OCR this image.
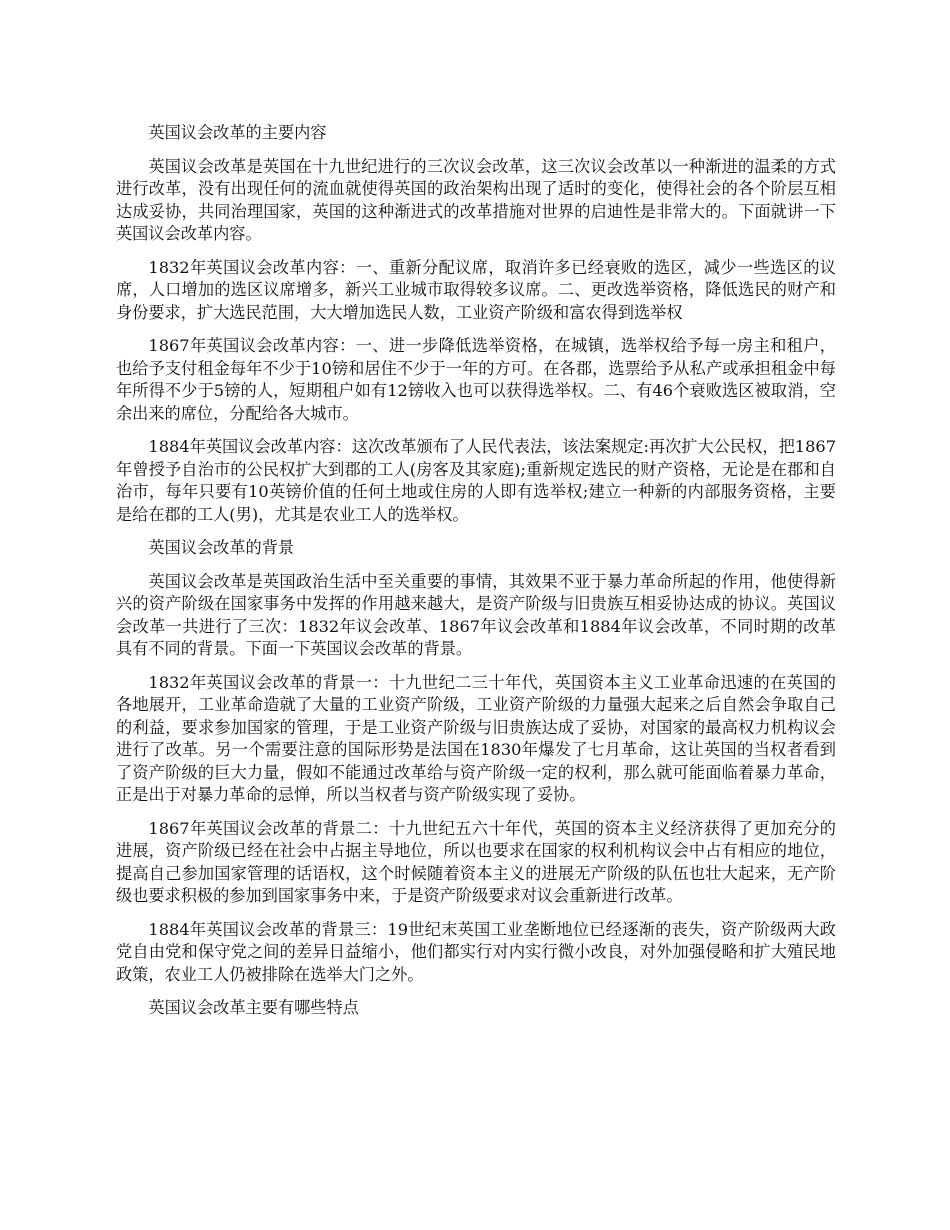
英国议会改革的主要内容

英国议会改革是英国在十九世纪进行的三次议会改革，这三次议会改革以一种渐进的温柔的方式进行改革，没有出现任何的流血就使得英国的政治架构出现了适时的变化，使得社会的各个阶层互相达成妥协，共同治理国家，英国的这种渐进式的改革措施对世界的启迪性是非常大的。下面就讲一下英国议会改革内容。

1832年英国议会改革内容：一、重新分配议席，取消许多已经衰败的选区，减少一些选区的议席，人口增加的选区议席增多，新兴工业城市取得较多议席。二、更改选举资格，降低选民的财产和身份要求，扩大选民范围，大大增加选民人数，工业资产阶级和富农得到选举权

1867年英国议会改革内容：一、进一步降低选举资格，在城镇，选举权给予每一房主和租户，也给予支付租金每年不少于10镑和居住不少于一年的方可。在各郡，选票给予从私产或承担租金中每年所得不少于5镑的人，短期租户如有12镑收入也可以获得选举权。二、有46个衰败选区被取消，空余出来的席位，分配给各大城市。

1884年英国议会改革内容：这次改革颁布了人民代表法，该法案规定:再次扩大公民权，把1867年曾授予自治市的公民权扩大到郡的工人(房客及其家庭);重新规定选民的财产资格，无论是在郡和自治市，每年只要有10英镑价值的任何土地或住房的人即有选举权;建立一种新的内部服务资格，主要是给在郡的工人(男)，尤其是农业工人的选举权。

英国议会改革的背景

英国议会改革是英国政治生活中至关重要的事情，其效果不亚于暴力革命所起的作用，他使得新兴的资产阶级在国家事务中发挥的作用越来越大，是资产阶级与旧贵族互相妥协达成的协议。英国议会改革一共进行了三次：1832年议会改革、1867年议会改革和1884年议会改革，不同时期的改革具有不同的背景。下面一下英国议会改革的背景。

1832年英国议会改革的背景一：十九世纪二三十年代，英国资本主义工业革命迅速的在英国的各地展开，工业革命造就了大量的工业资产阶级，工业资产阶级的力量强大起来之后自然会争取自己的利益，要求参加国家的管理，于是工业资产阶级与旧贵族达成了妥协，对国家的最高权力机构议会进行了改革。另一个需要注意的国际形势是法国在1830年爆发了七月革命，这让英国的当权者看到了资产阶级的巨大力量，假如不能通过改革给与资产阶级一定的权利，那么就可能面临着暴力革命，正是出于对暴力革命的忌惮，所以当权者与资产阶级实现了妥协。

1867年英国议会改革的背景二：十九世纪五六十年代，英国的资本主义经济获得了更加充分的进展，资产阶级已经在社会中占据主导地位，所以也要求在国家的权利机构议会中占有相应的地位，提高自己参加国家管理的话语权，这个时候随着资本主义的进展无产阶级的队伍也壮大起来，无产阶级也要求积极的参加到国家事务中来，于是资产阶级要求对议会重新进行改革。

1884年英国议会改革的背景三：19世纪末英国工业垄断地位已经逐渐的丧失，资产阶级两大政党自由党和保守党之间的差异日益缩小，他们都实行对内实行微小改良，对外加强侵略和扩大殖民地政策，农业工人仍被排除在选举大门之外。

英国议会改革主要有哪些特点
